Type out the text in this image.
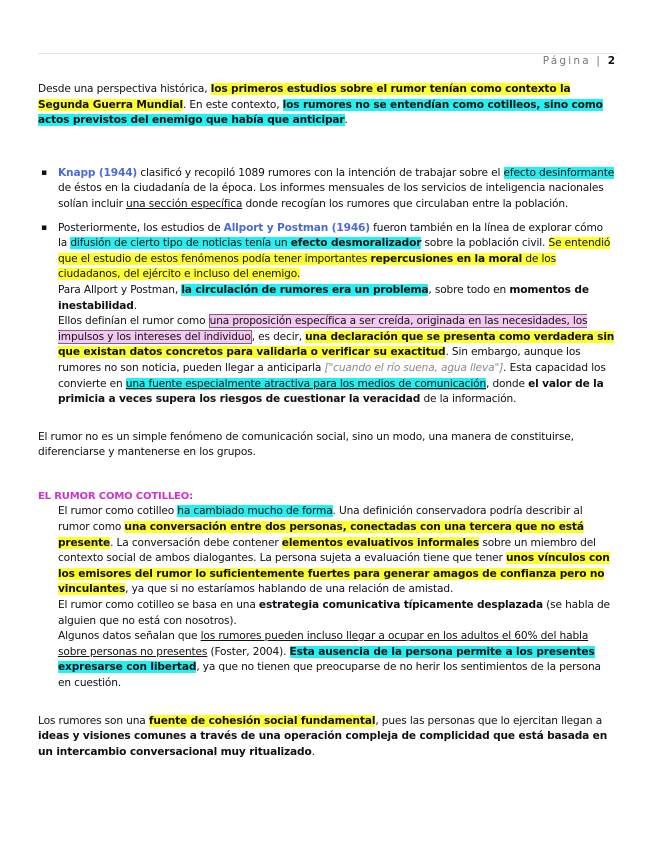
Página | 2

Desde una perspectiva histórica, los primeros estudios sobre el rumor tenían como contexto la Segunda Guerra Mundial. En este contexto, los rumores no se entendían como cotilleos, sino como actos previstos del enemigo que había que anticipar.

▪ Knapp (1944) clasificó y recopiló 1089 rumores con la intención de trabajar sobre el efecto desinformante de éstos en la ciudadanía de la época. Los informes mensuales de los servicios de inteligencia nacionales solían incluir una sección específica donde recogían los rumores que circulaban entre la población.
▪ Posteriormente, los estudios de Allport y Postman (1946) fueron también en la línea de explorar cómo la difusión de cierto tipo de noticias tenía un efecto desmoralizador sobre la población civil. Se entendió que el estudio de estos fenómenos podía tener importantes repercusiones en la moral de los ciudadanos, del ejército e incluso del enemigo.

Para Allport y Postman, la circulación de rumores era un problema, sobre todo en momentos de inestabilidad.

Ellos definían el rumor como una proposición específica a ser creída, originada en las necesidades, los impulsos y los intereses del individuo, es decir, una declaración que se presenta como verdadera sin que existan datos concretos para validarla o verificar su exactitud. Sin embargo, aunque los rumores no son noticia, pueden llegar a anticiparla ["cuando el río suena, agua lleva"]. Esta capacidad los convierte en una fuente especialmente atractiva para los medios de comunicación, donde el valor de la primicia a veces supera los riesgos de cuestionar la veracidad de la información.

El rumor no es un simple fenómeno de comunicación social, sino un modo, una manera de constituirse, diferenciarse y mantenerse en los grupos.

EL RUMOR COMO COTILLEO:

El rumor como cotilleo ha cambiado mucho de forma. Una definición conservadora podría describir al rumor como una conversación entre dos personas, conectadas con una tercera que no está presente. La conversación debe contener elementos evaluativos informales sobre un miembro del contexto social de ambos dialogantes. La persona sujeta a evaluación tiene que tener unos vínculos con los emisores del rumor lo suficientemente fuertes para generar amagos de confianza pero no vinculantes, ya que si no estaríamos hablando de una relación de amistad.

El rumor como cotilleo se basa en una estrategia comunicativa típicamente desplazada (se habla de alguien que no está con nosotros).

Algunos datos señalan que los rumores pueden incluso llegar a ocupar en los adultos el 60% del habla sobre personas no presentes (Foster, 2004). Esta ausencia de la persona permite a los presentes expresarse con libertad, ya que no tienen que preocuparse de no herir los sentimientos de la persona en cuestión.

Los rumores son una fuente de cohesión social fundamental, pues las personas que lo ejercitan llegan a ideas y visiones comunes a través de una operación compleja de complicidad que está basada en un intercambio conversacional muy ritualizado.
